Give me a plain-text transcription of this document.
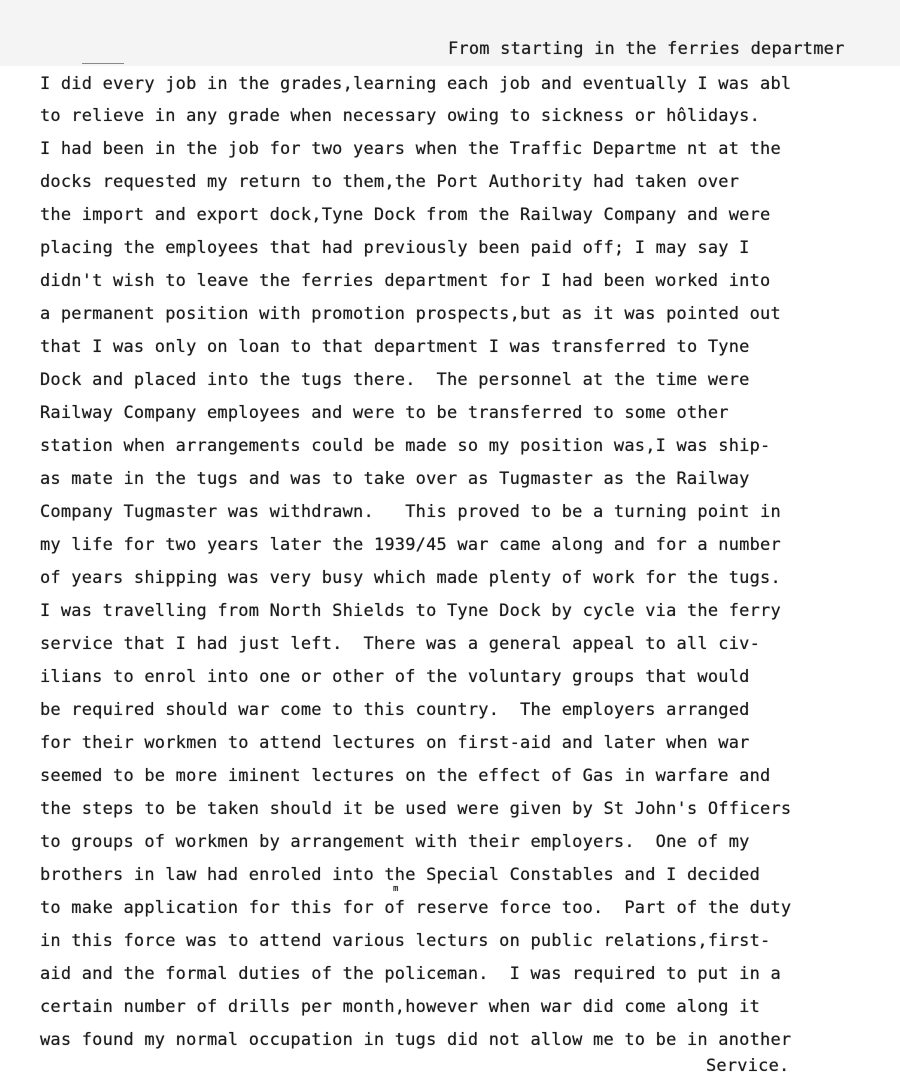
From starting in the ferries departmer
I did every job in the grades,learning each job and eventually I was abl
to relieve in any grade when necessary owing to sickness or hôlidays.
I had been in the job for two years when the Traffic Departme nt at the
docks requested my return to them,the Port Authority had taken over
the import and export dock,Tyne Dock from the Railway Company and were
placing the employees that had previously been paid off; I may say I
didn't wish to leave the ferries department for I had been worked into
a permanent position with promotion prospects,but as it was pointed out
that I was only on loan to that department I was transferred to Tyne
Dock and placed into the tugs there.  The personnel at the time were
Railway Company employees and were to be transferred to some other
station when arrangements could be made so my position was,I was ship-
as mate in the tugs and was to take over as Tugmaster as the Railway
Company Tugmaster was withdrawn.   This proved to be a turning point in
my life for two years later the 1939/45 war came along and for a number
of years shipping was very busy which made plenty of work for the tugs.
I was travelling from North Shields to Tyne Dock by cycle via the ferry
service that I had just left.  There was a general appeal to all civ-
ilians to enrol into one or other of the voluntary groups that would
be required should war come to this country.  The employers arranged
for their workmen to attend lectures on first-aid and later when war
seemed to be more iminent lectures on the effect of Gas in warfare and
the steps to be taken should it be used were given by St John's Officers
to groups of workmen by arrangement with their employers.  One of my
brothers in law had enroled into the Special Constables and I decided
to make application for this for of reserve force too.  Part of the duty
in this force was to attend various lecturs on public relations,first-
aid and the formal duties of the policeman.  I was required to put in a
certain number of drills per month,however when war did come along it
was found my normal occupation in tugs did not allow me to be in another
Service.
m
